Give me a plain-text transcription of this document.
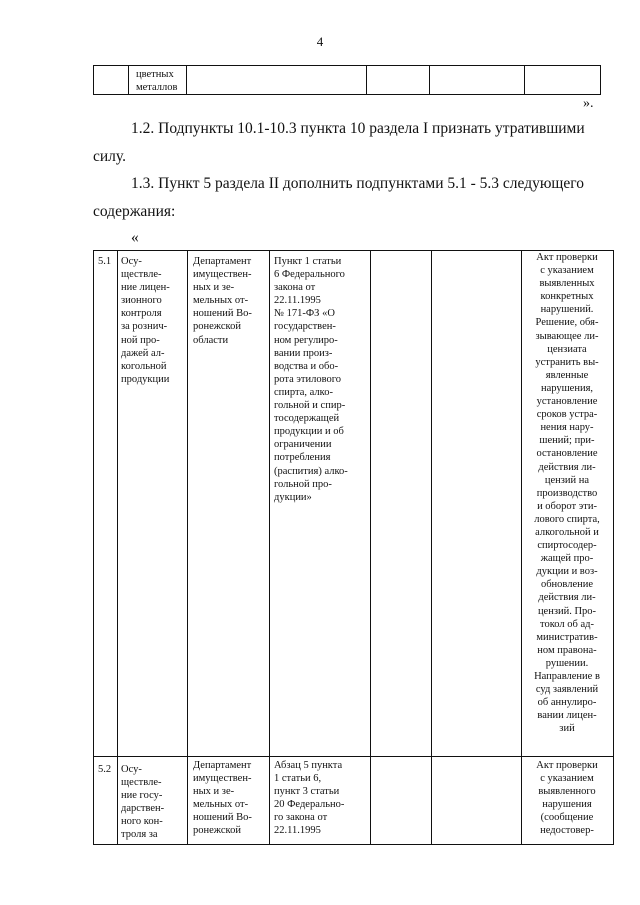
4
цветных
металлов
».
1.2. Подпункты 10.1-10.3 пункта 10 раздела I признать утратившими
силу.
1.3. Пункт 5 раздела II дополнить подпунктами 5.1 - 5.3 следующего
содержания:
«
5.1 Осу-
ществле-
ние лицен-
зионного
контроля
за рознич-
ной про-
дажей ал-
когольной
продукции
Департамент
имуществен-
ных и зе-
мельных от-
ношений Во-
ронежской
области
Пункт 1 статьи
6 Федерального
закона от
22.11.1995
№ 171-ФЗ «О
государствен-
ном регулиро-
вании произ-
водства и обо-
рота этилового
спирта, алко-
гольной и спир-
тосодержащей
продукции и об
ограничении
потребления
(распития) алко-
гольной про-
дукции»
Акт проверки
с указанием
выявленных
конкретных
нарушений.
Решение, обя-
зывающее ли-
цензиата
устранить вы-
явленные
нарушения,
установление
сроков устра-
нения нару-
шений; при-
остановление
действия ли-
цензий на
производство
и оборот эти-
лового спирта,
алкогольной и
спиртосодер-
жащей про-
дукции и воз-
обновление
действия ли-
цензий. Про-
токол об ад-
министратив-
ном правона-
рушении.
Направление в
суд заявлений
об аннулиро-
вании лицен-
зий
5.2 Осу-
ществле-
ние госу-
дарствен-
ного кон-
троля за
Департамент
имуществен-
ных и зе-
мельных от-
ношений Во-
ронежской
Абзац 5 пункта
1 статьи 6,
пункт 3 статьи
20 Федерально-
го закона от
22.11.1995
Акт проверки
с указанием
выявленного
нарушения
(сообщение
недостовер-
